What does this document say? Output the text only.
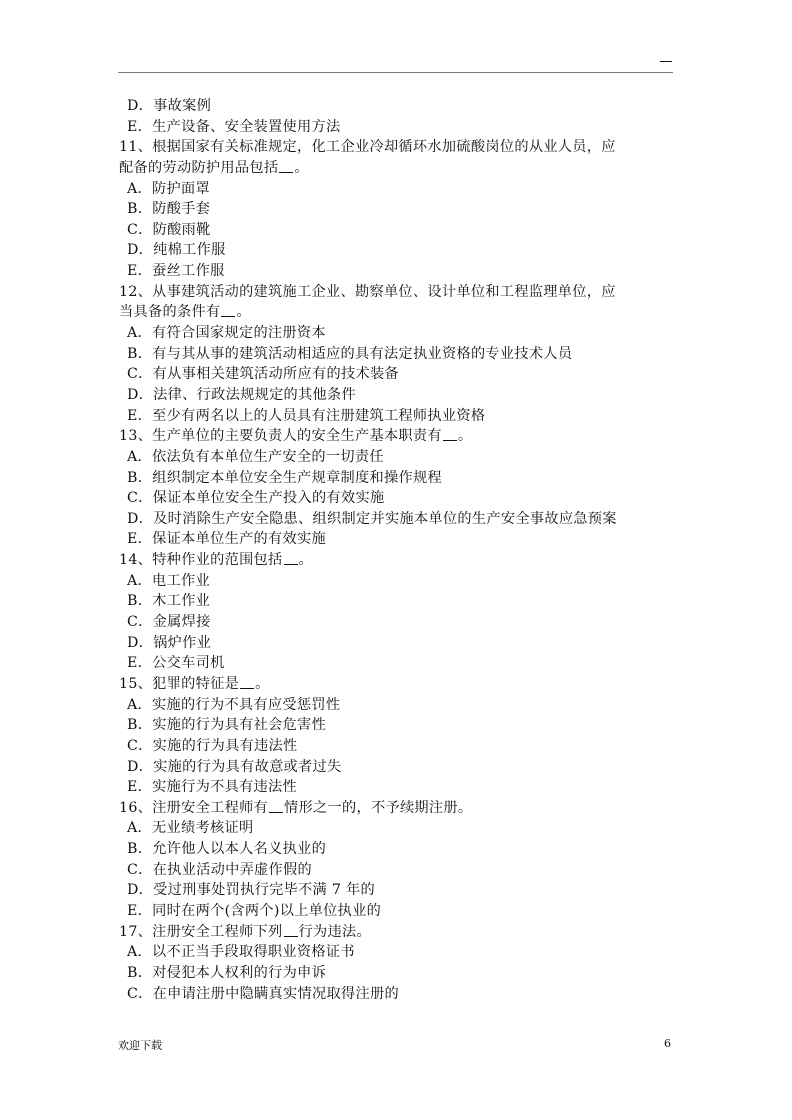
D．事故案例
E．生产设备、安全装置使用方法
11、根据国家有关标准规定，化工企业冷却循环水加硫酸岗位的从业人员，应
配备的劳动防护用品包括 。
A．防护面罩
B．防酸手套
C．防酸雨靴
D．纯棉工作服
E．蚕丝工作服
12、从事建筑活动的建筑施工企业、勘察单位、设计单位和工程监理单位，应
当具备的条件有 。
A．有符合国家规定的注册资本
B．有与其从事的建筑活动相适应的具有法定执业资格的专业技术人员
C．有从事相关建筑活动所应有的技术装备
D．法律、行政法规规定的其他条件
E．至少有两名以上的人员具有注册建筑工程师执业资格
13、生产单位的主要负责人的安全生产基本职责有 。
A．依法负有本单位生产安全的一切责任
B．组织制定本单位安全生产规章制度和操作规程
C．保证本单位安全生产投入的有效实施
D．及时消除生产安全隐患、组织制定并实施本单位的生产安全事故应急预案
E．保证本单位生产的有效实施
14、特种作业的范围包括 。
A．电工作业
B．木工作业
C．金属焊接
D．锅炉作业
E．公交车司机
15、犯罪的特征是 。
A．实施的行为不具有应受惩罚性
B．实施的行为具有社会危害性
C．实施的行为具有违法性
D．实施的行为具有故意或者过失
E．实施行为不具有违法性
16、注册安全工程师有 情形之一的，不予续期注册。
A．无业绩考核证明
B．允许他人以本人名义执业的
C．在执业活动中弄虚作假的
D．受过刑事处罚执行完毕不满 7 年的
E．同时在两个(含两个)以上单位执业的
17、注册安全工程师下列 行为违法。
A．以不正当手段取得职业资格证书
B．对侵犯本人权利的行为申诉
C．在申请注册中隐瞒真实情况取得注册的
欢迎下载	6
